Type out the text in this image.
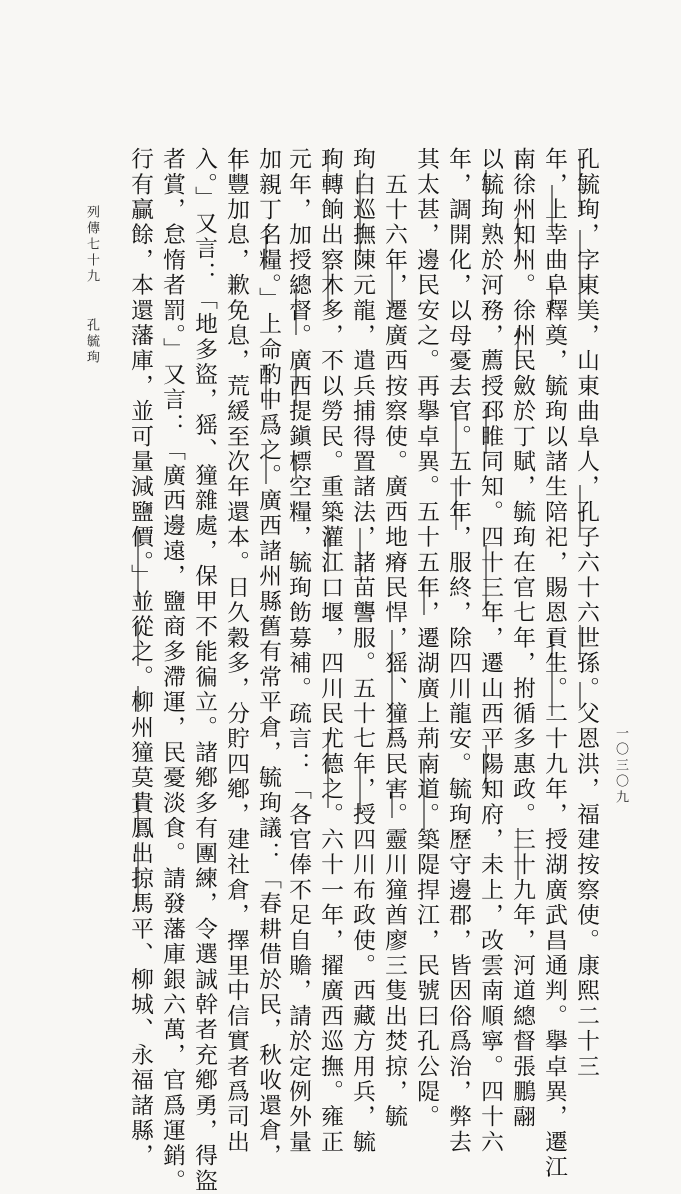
孔毓珣，字東美，山東曲阜人，孔子六十六世孫。父恩洪，福建按察使。康熙二十三
年，上幸曲阜釋奠，毓珣以諸生陪祀，賜恩貢生。二十九年，授湖廣武昌通判。擧卓異，遷江
南徐州知州。徐州民斂於丁賦，毓珣在官七年，拊循多惠政。三十九年，河道總督張鵬翮
以毓珣熟於河務，薦授邳睢同知。四十三年，遷山西平陽知府，未上，改雲南順寧。四十六
年，調開化，以母憂去官。五十年，服終，除四川龍安。毓珣歷守邊郡，皆因俗爲治，弊去
其太甚，邊民安之。再擧卓異。五十五年，遷湖廣上荊南道。築隄捍江，民號曰孔公隄。
　五十六年，遷廣西按察使。廣西地瘠民悍，猺、獞爲民害。靈川獞酋廖三隻出焚掠，毓
珣白巡撫陳元龍，遣兵捕得置諸法，諸苗讋服。五十七年，授四川布政使。西藏方用兵，毓
珣轉餉出察木多，不以勞民。重築灌江口堰，四川民尤德之。六十一年，擢廣西巡撫。雍正
元年，加授總督。廣西提鎭標空糧，毓珣飭募補。疏言：「各官俸不足自贍，請於定例外量
加親丁名糧。」上命酌中爲之。廣西諸州縣舊有常平倉，毓珣議：「春耕借於民，秋收還倉，
年豐加息，歉免息，荒緩至次年還本。日久穀多，分貯四鄕，建社倉，擇里中信實者爲司出
入。」又言：「地多盜，猺、獞雜處，保甲不能徧立。諸鄕多有團練，令選誠幹者充鄕勇，得盜
者賞，怠惰者罰。」又言：「廣西邊遠，鹽商多滯運，民憂淡食。請發藩庫銀六萬，官爲運銷。
行有贏餘，本還藩庫，並可量減鹽價。」並從之。柳州獞莫貴鳳出掠馬平、柳城、永福諸縣，
列傳七十九
孔毓珣
一〇三〇九
